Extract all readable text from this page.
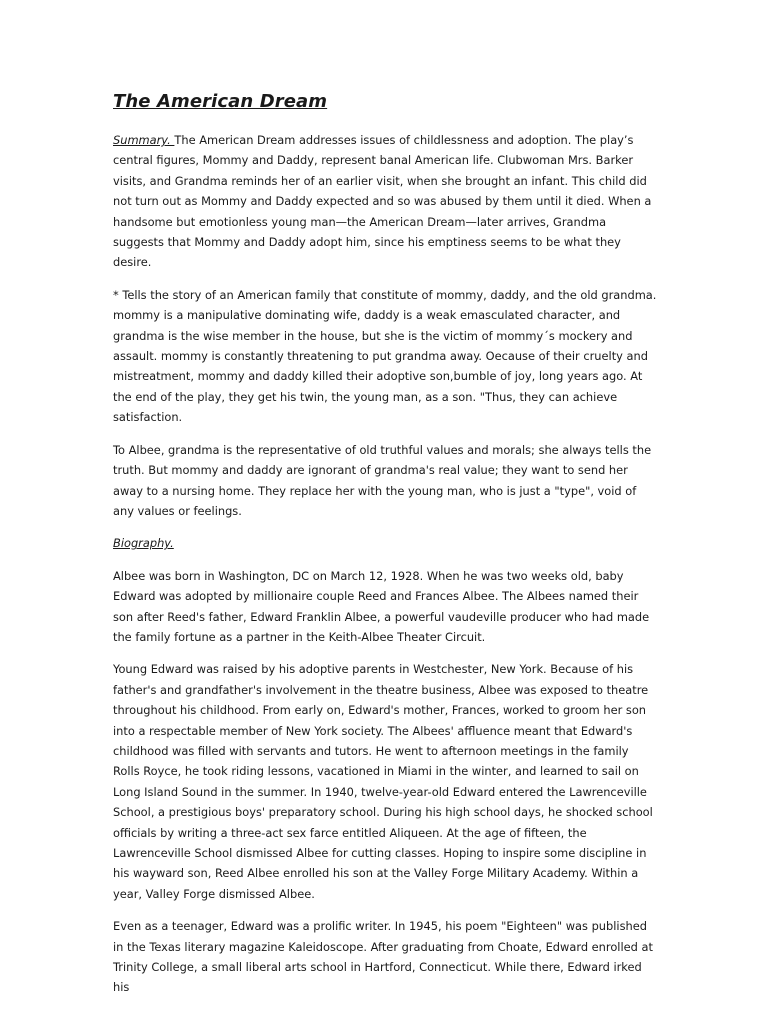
The American Dream

Summary. The American Dream addresses issues of childlessness and adoption. The play’s central figures, Mommy and Daddy, represent banal American life. Clubwoman Mrs. Barker visits, and Grandma reminds her of an earlier visit, when she brought an infant. This child did not turn out as Mommy and Daddy expected and so was abused by them until it died. When a handsome but emotionless young man—the American Dream—later arrives, Grandma suggests that Mommy and Daddy adopt him, since his emptiness seems to be what they desire.

* Tells the story of an American family that constitute of mommy, daddy, and the old grandma. mommy is a manipulative dominating wife, daddy is a weak emasculated character, and grandma is the wise member in the house, but she is the victim of mommy´s mockery and assault. mommy is constantly threatening to put grandma away. Oecause of their cruelty and mistreatment, mommy and daddy killed their adoptive son,bumble of joy, long years ago. At the end of the play, they get his twin, the young man, as a son. "Thus, they can achieve satisfaction.

To Albee, grandma is the representative of old truthful values and morals; she always tells the truth. But mommy and daddy are ignorant of grandma's real value; they want to send her away to a nursing home. They replace her with the young man, who is just a "type", void of any values or feelings.

Biography.

Albee was born in Washington, DC on March 12, 1928. When he was two weeks old, baby Edward was adopted by millionaire couple Reed and Frances Albee. The Albees named their son after Reed's father, Edward Franklin Albee, a powerful vaudeville producer who had made the family fortune as a partner in the Keith-Albee Theater Circuit.

Young Edward was raised by his adoptive parents in Westchester, New York. Because of his father's and grandfather's involvement in the theatre business, Albee was exposed to theatre throughout his childhood. From early on, Edward's mother, Frances, worked to groom her son into a respectable member of New York society. The Albees' affluence meant that Edward's childhood was filled with servants and tutors. He went to afternoon meetings in the family Rolls Royce, he took riding lessons, vacationed in Miami in the winter, and learned to sail on Long Island Sound in the summer. In 1940, twelve-year-old Edward entered the Lawrenceville School, a prestigious boys' preparatory school. During his high school days, he shocked school officials by writing a three-act sex farce entitled Aliqueen. At the age of fifteen, the Lawrenceville School dismissed Albee for cutting classes. Hoping to inspire some discipline in his wayward son, Reed Albee enrolled his son at the Valley Forge Military Academy. Within a year, Valley Forge dismissed Albee.

Even as a teenager, Edward was a prolific writer. In 1945, his poem "Eighteen" was published in the Texas literary magazine Kaleidoscope. After graduating from Choate, Edward enrolled at Trinity College, a small liberal arts school in Hartford, Connecticut. While there, Edward irked his
